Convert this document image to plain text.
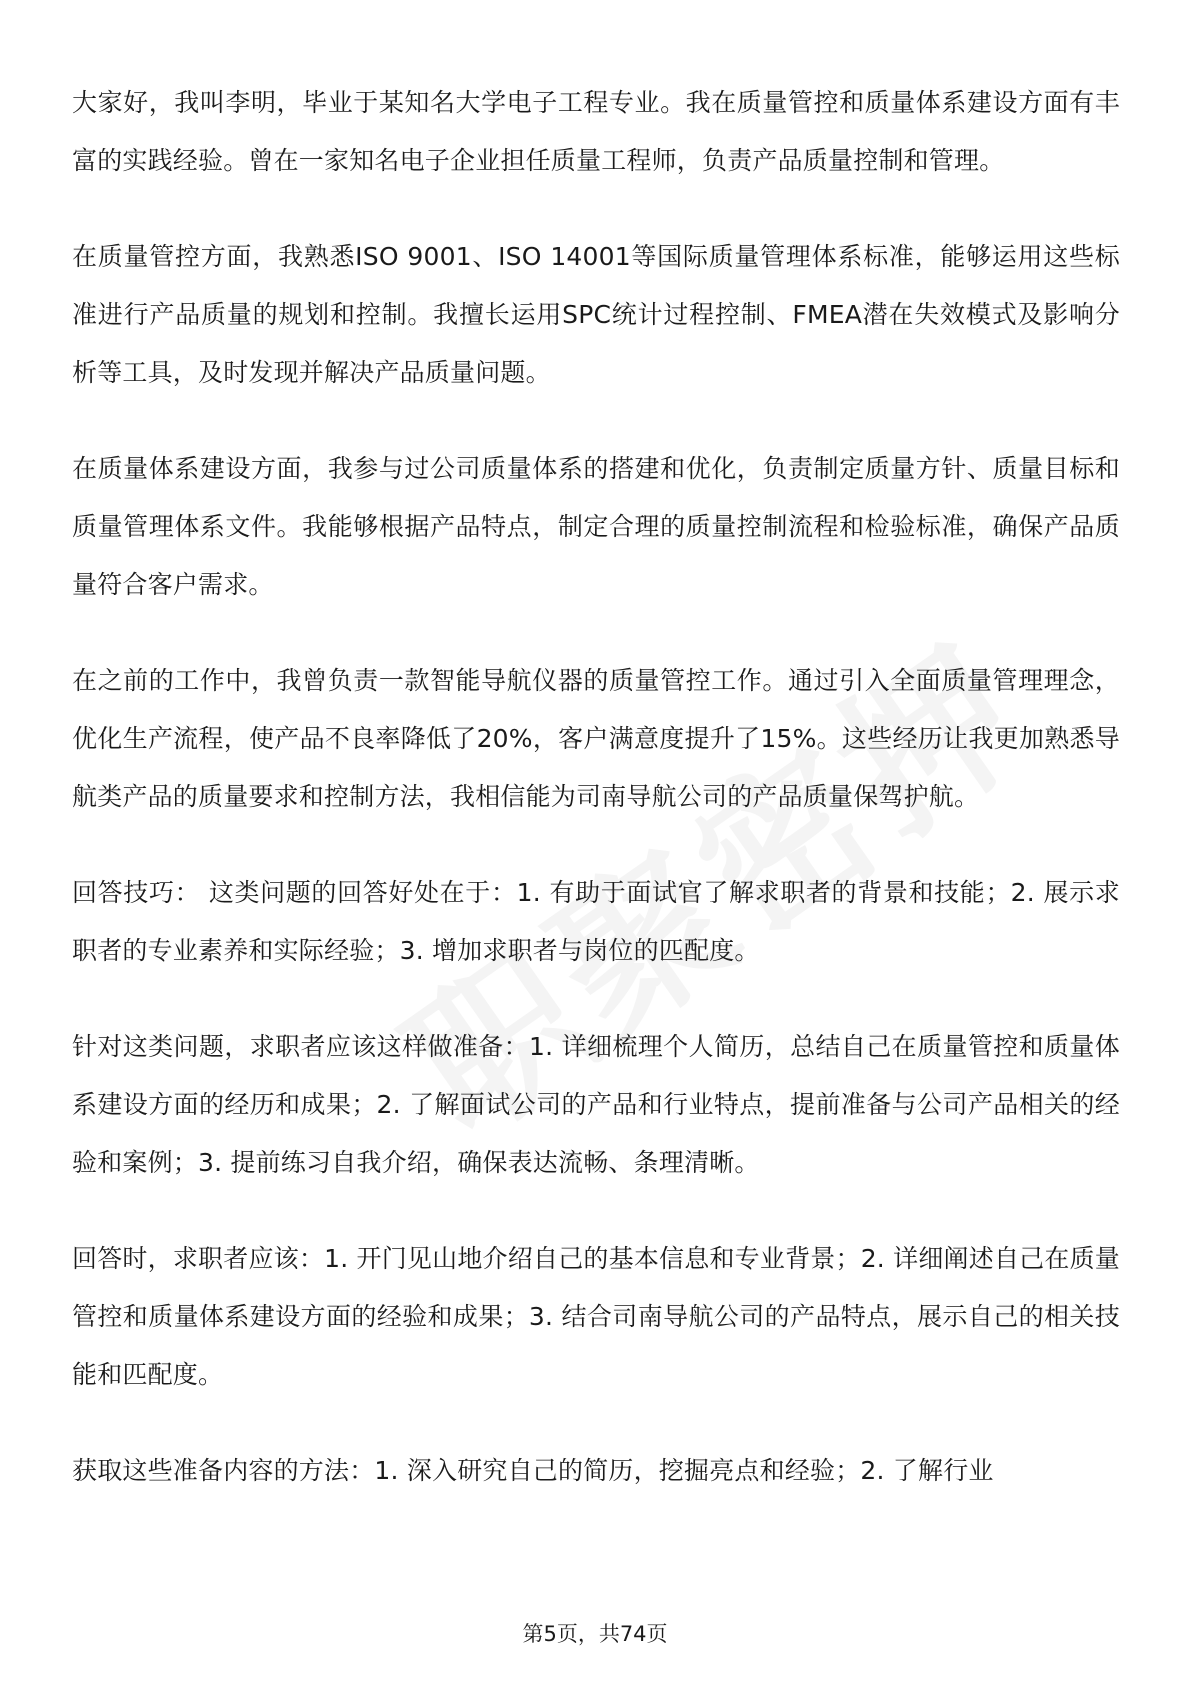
大家好，我叫李明，毕业于某知名大学电子工程专业。我在质量管控和质量体系建设方面有丰富的实践经验。曾在一家知名电子企业担任质量工程师，负责产品质量控制和管理。

在质量管控方面，我熟悉ISO 9001、ISO 14001等国际质量管理体系标准，能够运用这些标准进行产品质量的规划和控制。我擅长运用SPC统计过程控制、FMEA潜在失效模式及影响分析等工具，及时发现并解决产品质量问题。

在质量体系建设方面，我参与过公司质量体系的搭建和优化，负责制定质量方针、质量目标和质量管理体系文件。我能够根据产品特点，制定合理的质量控制流程和检验标准，确保产品质量符合客户需求。

在之前的工作中，我曾负责一款智能导航仪器的质量管控工作。通过引入全面质量管理理念，优化生产流程，使产品不良率降低了20%，客户满意度提升了15%。这些经历让我更加熟悉导航类产品的质量要求和控制方法，我相信能为司南导航公司的产品质量保驾护航。

回答技巧： 这类问题的回答好处在于：1. 有助于面试官了解求职者的背景和技能；2. 展示求职者的专业素养和实际经验；3. 增加求职者与岗位的匹配度。

针对这类问题，求职者应该这样做准备：1. 详细梳理个人简历，总结自己在质量管控和质量体系建设方面的经历和成果；2. 了解面试公司的产品和行业特点，提前准备与公司产品相关的经验和案例；3. 提前练习自我介绍，确保表达流畅、条理清晰。

回答时，求职者应该：1. 开门见山地介绍自己的基本信息和专业背景；2. 详细阐述自己在质量管控和质量体系建设方面的经验和成果；3. 结合司南导航公司的产品特点，展示自己的相关技能和匹配度。

获取这些准备内容的方法：1. 深入研究自己的简历，挖掘亮点和经验；2. 了解行业

第5页，共74页
